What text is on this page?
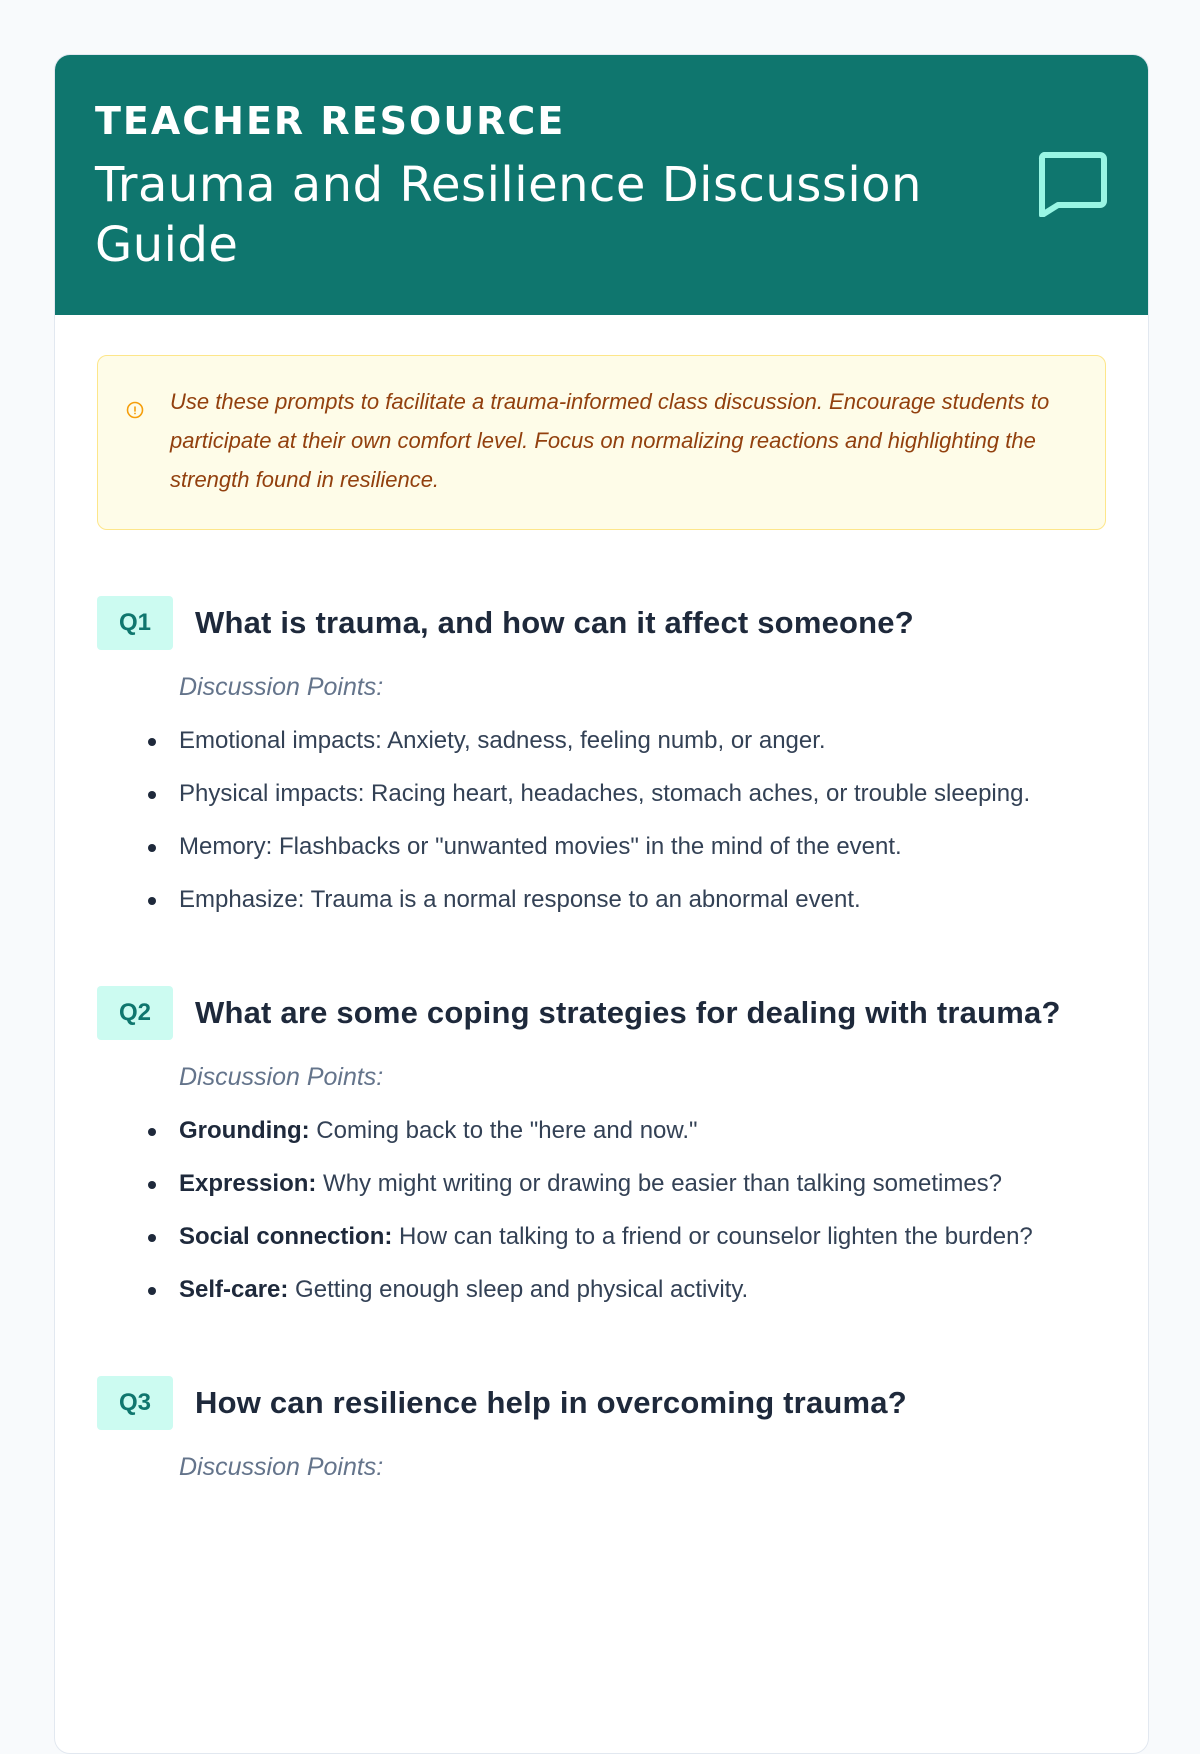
TEACHER RESOURCE
Trauma and Resilience Discussion Guide
Use these prompts to facilitate a trauma-informed class discussion. Encourage students to participate at their own comfort level. Focus on normalizing reactions and highlighting the strength found in resilience.
Q1	What is trauma, and how can it affect someone?
Discussion Points:
Emotional impacts: Anxiety, sadness, feeling numb, or anger.
Physical impacts: Racing heart, headaches, stomach aches, or trouble sleeping.
Memory: Flashbacks or "unwanted movies" in the mind of the event.
Emphasize: Trauma is a normal response to an abnormal event.
Q2	What are some coping strategies for dealing with trauma?
Discussion Points:
Grounding: Coming back to the "here and now."
Expression: Why might writing or drawing be easier than talking sometimes?
Social connection: How can talking to a friend or counselor lighten the burden?
Self-care: Getting enough sleep and physical activity.
Q3	How can resilience help in overcoming trauma?
Discussion Points:
